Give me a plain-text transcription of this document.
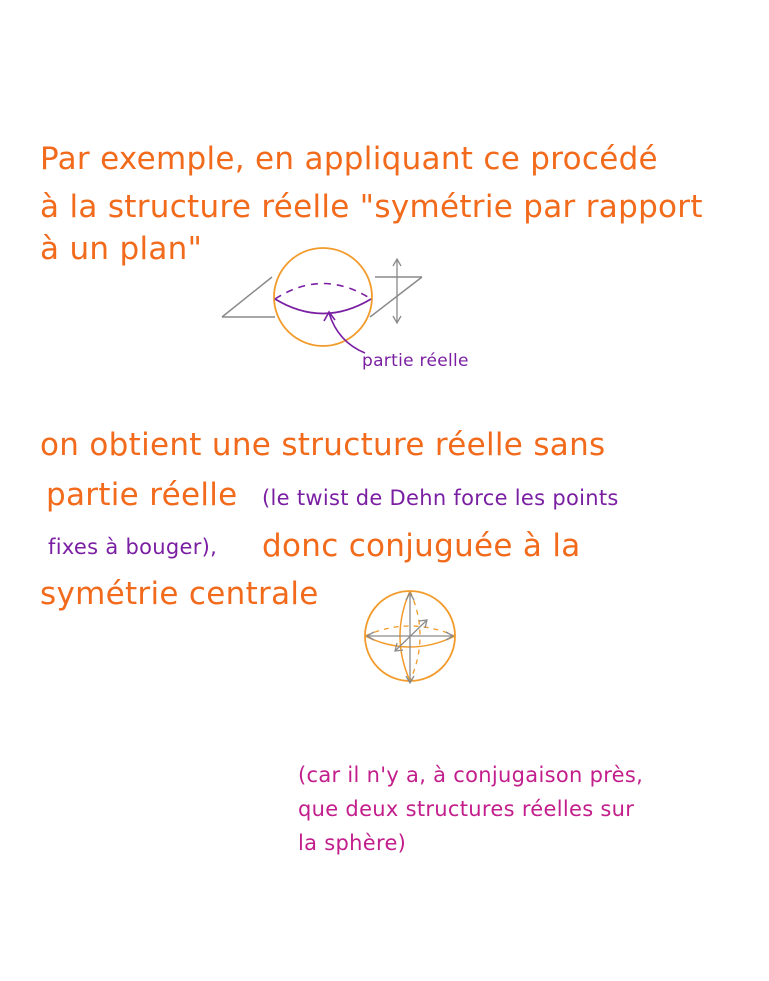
Par exemple, en appliquant ce procédé

à la structure réelle "symétrie par rapport

à un plan"

partie réelle

on obtient une structure réelle sans

partie réelle (le twist de Dehn force les points

fixes à bouger), donc conjuguée à la

symétrie centrale

(car il n'y a, à conjugaison près,

que deux structures réelles sur

la sphère)
